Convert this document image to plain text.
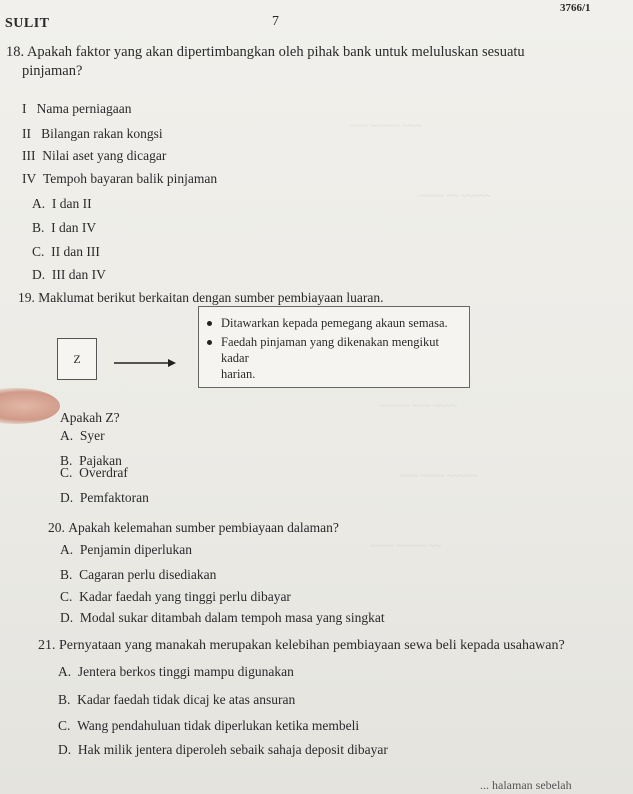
~~~ ~~~~~ ~~~
~~~~ ~~ ~~~~~
~~~~~ ~~~ ~~~~
~~~ ~~~~ ~~~~~
~~~~ ~~~~~ ~~
SULIT	7
3766/1
18. Apakah faktor yang akan dipertimbangkan oleh pihak bank untuk meluluskan sesuatu
pinjaman?
I Nama perniagaan
II Bilangan rakan kongsi
III Nilai aset yang dicagar
IV Tempoh bayaran balik pinjaman
A. I dan II
B. I dan IV
C. II dan III
D. III dan IV
19. Maklumat berikut berkaitan dengan sumber pembiayaan luaran.
Z
Ditawarkan kepada pemegang akaun semasa.
Faedah pinjaman yang dikenakan mengikut kadar
harian.
Apakah Z?
A. Syer
B. Pajakan
C. Overdraf
D. Pemfaktoran
20. Apakah kelemahan sumber pembiayaan dalaman?
A. Penjamin diperlukan
B. Cagaran perlu disediakan
C. Kadar faedah yang tinggi perlu dibayar
D. Modal sukar ditambah dalam tempoh masa yang singkat
21. Pernyataan yang manakah merupakan kelebihan pembiayaan sewa beli kepada usahawan?
A. Jentera berkos tinggi mampu digunakan
B. Kadar faedah tidak dicaj ke atas ansuran
C. Wang pendahuluan tidak diperlukan ketika membeli
D. Hak milik jentera diperoleh sebaik sahaja deposit dibayar
... halaman sebelah
